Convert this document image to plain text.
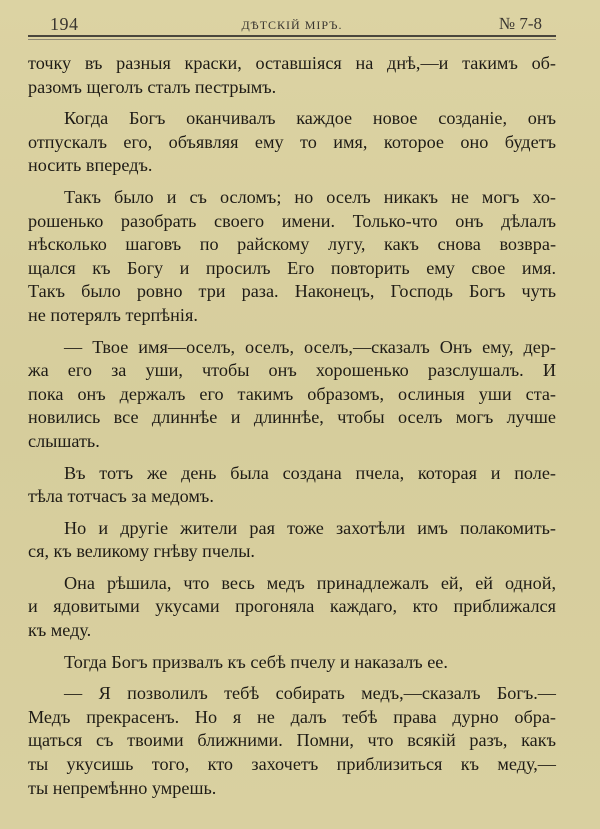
194	ДѢТСКІЙ МІРЪ.	№ 7-8
точку въ разныя краски, оставшіяся на днѣ,—и такимъ об-
разомъ щеголъ сталъ пестрымъ.
Когда Богъ оканчивалъ каждое новое созданіе, онъ
отпускалъ его, объявляя ему то имя, которое оно будетъ
носить впередъ.
Такъ было и съ осломъ; но оселъ никакъ не могъ хо-
рошенько разобрать своего имени. Только-что онъ дѣлалъ
нѣсколько шаговъ по райскому лугу, какъ снова возвра-
щался къ Богу и просилъ Его повторить ему свое имя.
Такъ было ровно три раза. Наконецъ, Господь Богъ чуть
не потерялъ терпѣнія.
— Твое имя—оселъ, оселъ, оселъ,—сказалъ Онъ ему, дер-
жа его за уши, чтобы онъ хорошенько разслушалъ. И
пока онъ держалъ его такимъ образомъ, ослиныя уши ста-
новились все длиннѣе и длиннѣе, чтобы оселъ могъ лучше
слышать.
Въ тотъ же день была создана пчела, которая и поле-
тѣла тотчасъ за медомъ.
Но и другіе жители рая тоже захотѣли имъ полакомить-
ся, къ великому гнѣву пчелы.
Она рѣшила, что весь медъ принадлежалъ ей, ей одной,
и ядовитыми укусами прогоняла каждаго, кто приближался
къ меду.
Тогда Богъ призвалъ къ себѣ пчелу и наказалъ ее.
— Я позволилъ тебѣ собирать медъ,—сказалъ Богъ.—
Медъ прекрасенъ. Но я не далъ тебѣ права дурно обра-
щаться съ твоими ближними. Помни, что всякій разъ, какъ
ты укусишь того, кто захочетъ приблизиться къ меду,—
ты непремѣнно умрешь.
